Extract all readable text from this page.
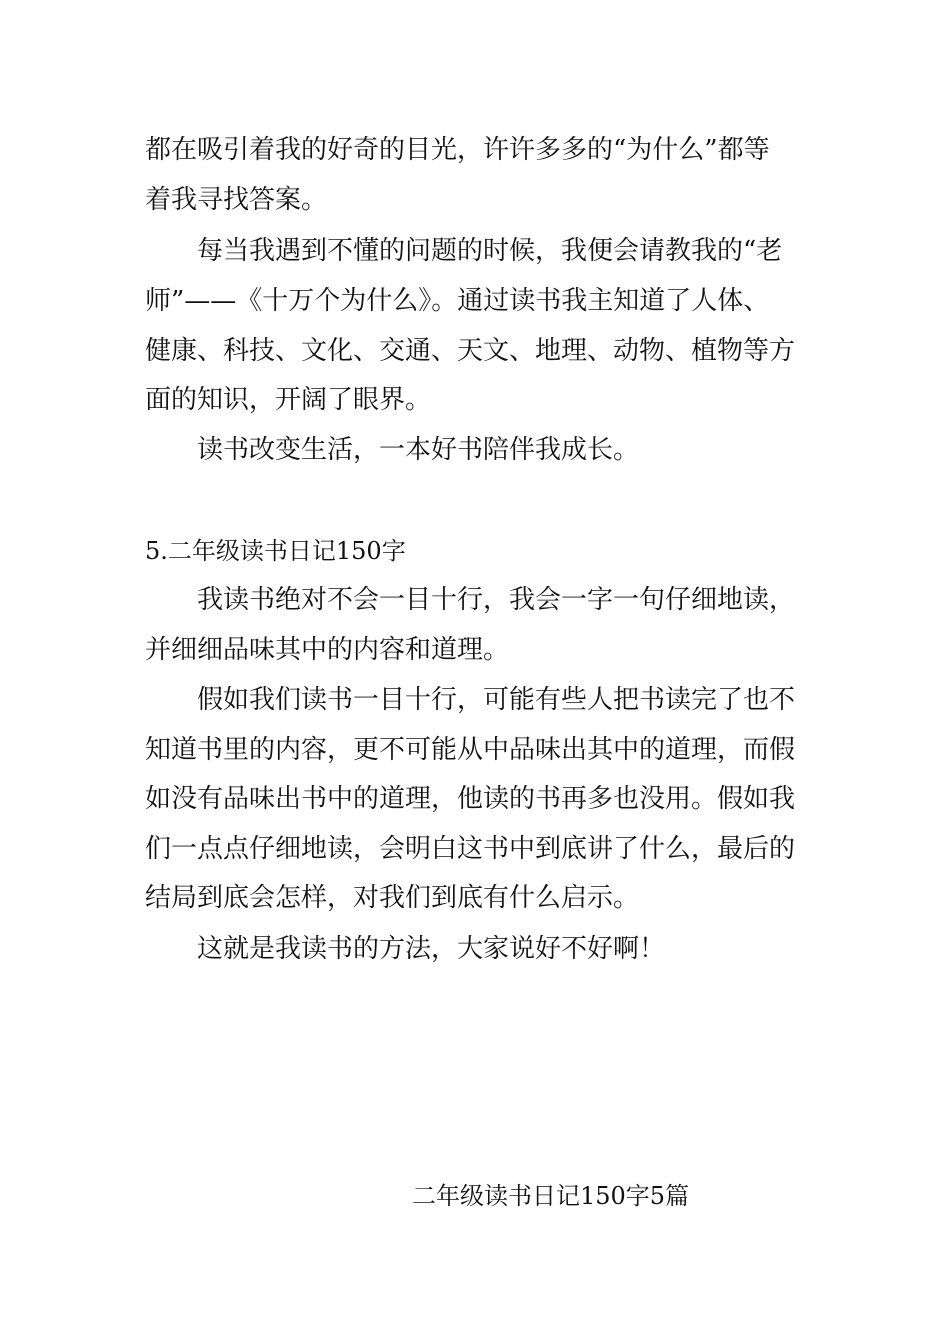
都在吸引着我的好奇的目光，许许多多的“为什么”都等
着我寻找答案。
每当我遇到不懂的问题的时候，我便会请教我的“老
师”——《十万个为什么》。通过读书我主知道了人体、
健康、科技、文化、交通、天文、地理、动物、植物等方
面的知识，开阔了眼界。
读书改变生活，一本好书陪伴我成长。
5.二年级读书日记150字
我读书绝对不会一目十行，我会一字一句仔细地读，
并细细品味其中的内容和道理。
假如我们读书一目十行，可能有些人把书读完了也不
知道书里的内容，更不可能从中品味出其中的道理，而假
如没有品味出书中的道理，他读的书再多也没用。假如我
们一点点仔细地读，会明白这书中到底讲了什么，最后的
结局到底会怎样，对我们到底有什么启示。
这就是我读书的方法，大家说好不好啊！
二年级读书日记150字5篇
